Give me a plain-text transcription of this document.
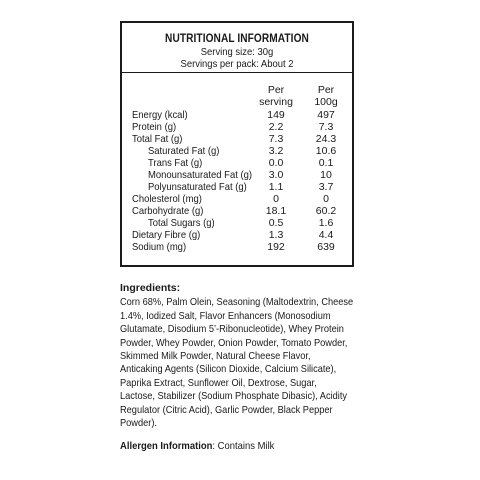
NUTRITIONAL INFORMATION
Serving size: 30g
Servings per pack: About 2
Per
serving
Per
100g
Energy (kcal)	149	497
Protein (g)	2.2	7.3
Total Fat (g)	7.3	24.3
Saturated Fat (g)	3.2	10.6
Trans Fat (g)	0.0	0.1
Monounsaturated Fat (g)	3.0	10
Polyunsaturated Fat (g)	1.1	3.7
Cholesterol (mg)	0	0
Carbohydrate (g)	18.1	60.2
Total Sugars (g)	0.5	1.6
Dietary Fibre (g)	1.3	4.4
Sodium (mg)	192	639
Ingredients:
Corn 68%, Palm Olein, Seasoning (Maltodextrin, Cheese
1.4%, Iodized Salt, Flavor Enhancers (Monosodium
Glutamate, Disodium 5’-Ribonucleotide), Whey Protein
Powder, Whey Powder, Onion Powder, Tomato Powder,
Skimmed Milk Powder, Natural Cheese Flavor,
Anticaking Agents (Silicon Dioxide, Calcium Silicate),
Paprika Extract, Sunflower Oil, Dextrose, Sugar,
Lactose, Stabilizer (Sodium Phosphate Dibasic), Acidity
Regulator (Citric Acid), Garlic Powder, Black Pepper
Powder).
Allergen Information: Contains Milk
